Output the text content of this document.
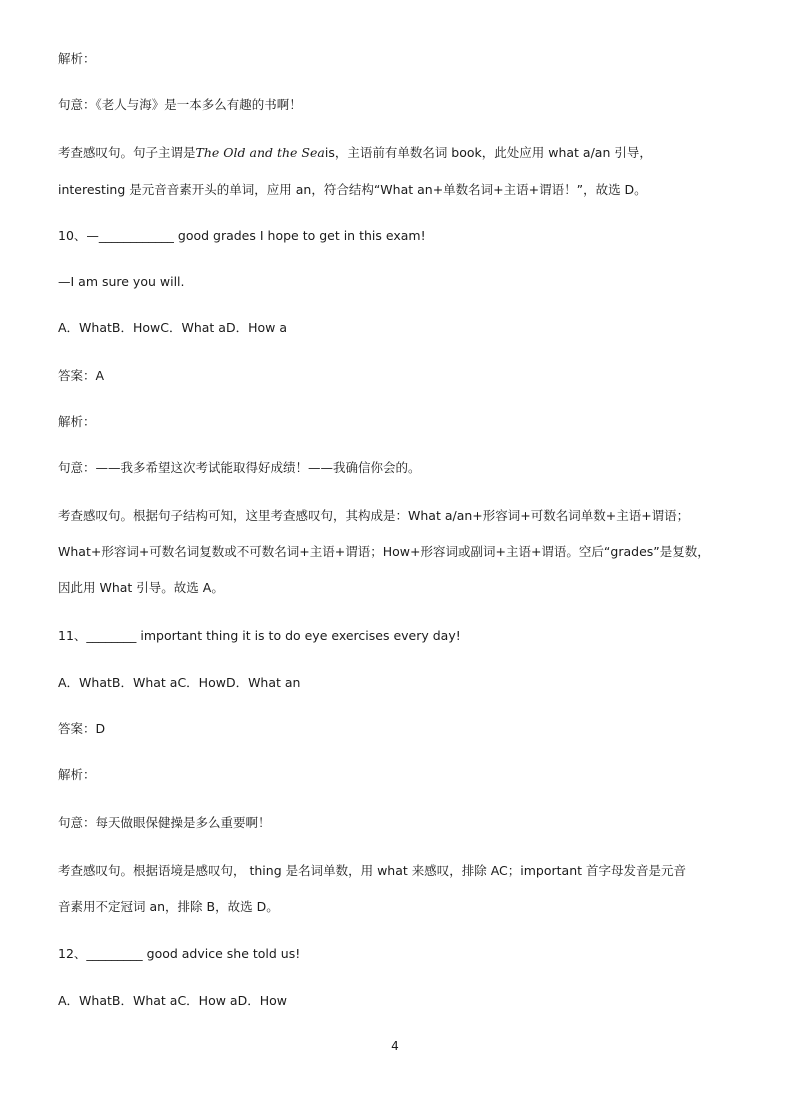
解析：
句意：《老人与海》是一本多么有趣的书啊！
考查感叹句。句子主谓是The Old and the Seais，主语前有单数名词 book，此处应用 what a/an 引导，
interesting 是元音音素开头的单词，应用 an，符合结构“What an+单数名词+主语+谓语！”，故选 D。
10、—____________ good grades I hope to get in this exam!
—I am sure you will.
A．WhatB．HowC．What aD．How a
答案：A
解析：
句意：——我多希望这次考试能取得好成绩！——我确信你会的。
考查感叹句。根据句子结构可知，这里考查感叹句，其构成是：What a/an+形容词+可数名词单数+主语+谓语；
What+形容词+可数名词复数或不可数名词+主语+谓语；How+形容词或副词+主语+谓语。空后“grades”是复数，
因此用 What 引导。故选 A。
11、________ important thing it is to do eye exercises every day!
A．WhatB．What aC．HowD．What an
答案：D
解析：
句意：每天做眼保健操是多么重要啊！
考查感叹句。根据语境是感叹句， thing 是名词单数，用 what 来感叹，排除 AC；important 首字母发音是元音
音素用不定冠词 an，排除 B，故选 D。
12、_________ good advice she told us!
A．WhatB．What aC．How aD．How
4
